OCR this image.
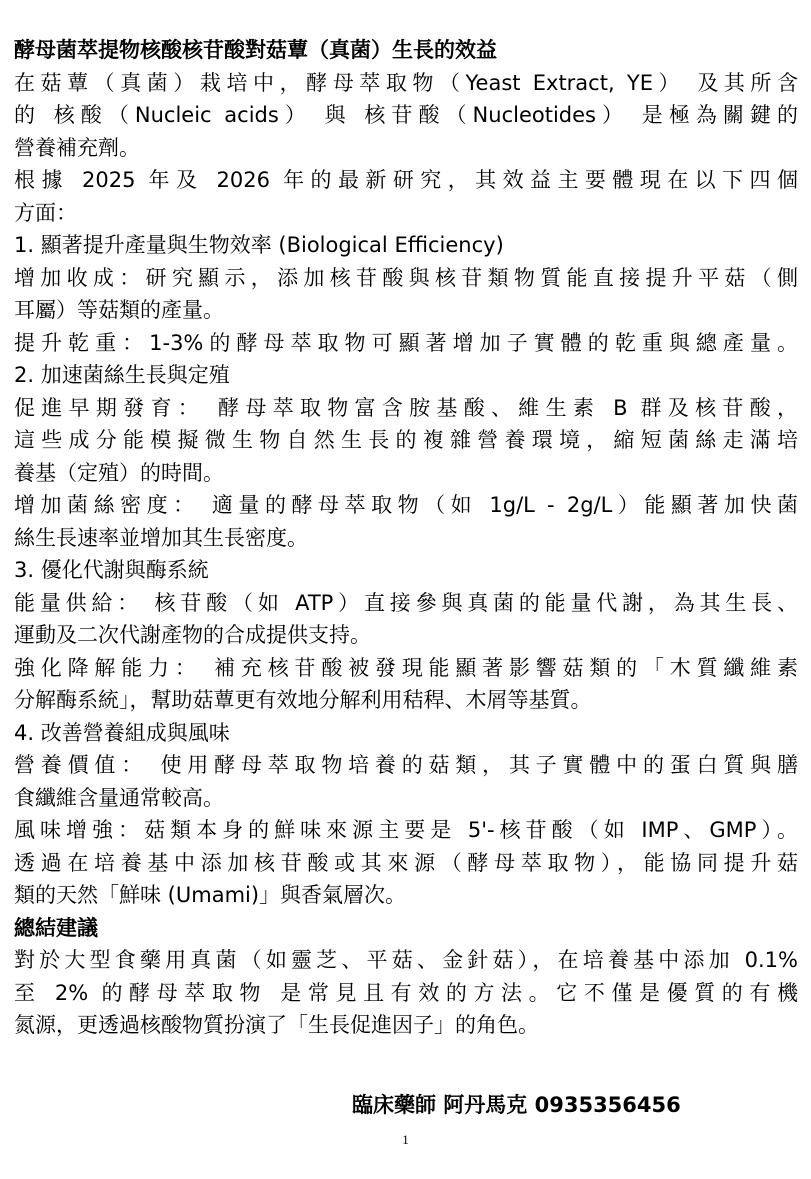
酵母菌萃提物核酸核苷酸對菇蕈（真菌）生長的效益
在菇蕈（真菌）栽培中，酵母萃取物（Yeast Extract, YE） 及其所含
的 核酸（Nucleic acids） 與 核苷酸（Nucleotides） 是極為關鍵的
營養補充劑。
根據 2025 年及 2026 年的最新研究，其效益主要體現在以下四個
方面：
1. 顯著提升產量與生物效率 (Biological Efficiency)
增加收成：研究顯示，添加核苷酸與核苷類物質能直接提升平菇（側
耳屬）等菇類的產量。
提升乾重：1-3%的酵母萃取物可顯著增加子實體的乾重與總產量。
2. 加速菌絲生長與定殖
促進早期發育： 酵母萃取物富含胺基酸、維生素 B 群及核苷酸，
這些成分能模擬微生物自然生長的複雜營養環境，縮短菌絲走滿培
養基（定殖）的時間。
增加菌絲密度： 適量的酵母萃取物（如 1g/L - 2g/L）能顯著加快菌
絲生長速率並增加其生長密度。
3. 優化代謝與酶系統
能量供給： 核苷酸（如 ATP）直接參與真菌的能量代謝，為其生長、
運動及二次代謝產物的合成提供支持。
強化降解能力： 補充核苷酸被發現能顯著影響菇類的「木質纖維素
分解酶系統」，幫助菇蕈更有效地分解利用秸稈、木屑等基質。
4. 改善營養組成與風味
營養價值： 使用酵母萃取物培養的菇類，其子實體中的蛋白質與膳
食纖維含量通常較高。
風味增強：菇類本身的鮮味來源主要是 5'-核苷酸（如 IMP、GMP）。
透過在培養基中添加核苷酸或其來源（酵母萃取物），能協同提升菇
類的天然「鮮味 (Umami)」與香氣層次。
總結建議
對於大型食藥用真菌（如靈芝、平菇、金針菇），在培養基中添加 0.1%
至 2% 的酵母萃取物 是常見且有效的方法。它不僅是優質的有機
氮源，更透過核酸物質扮演了「生長促進因子」的角色。
臨床藥師 阿丹馬克 0935356456
1
